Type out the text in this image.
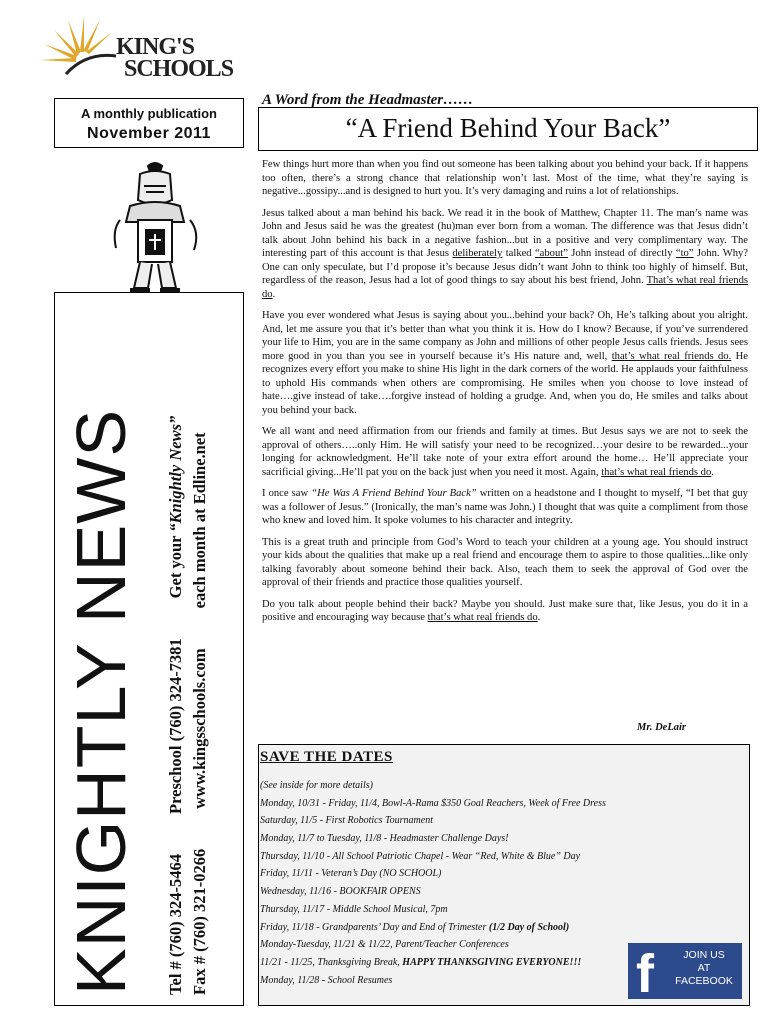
KING'S
SCHOOLS
A monthly publication
November 2011
KNIGHTLY NEWS Tel # (760) 324-5464Preschool (760) 324-7381Get your “Knightly News”
Fax # (760) 321-0266www.kingsschools.comeach month at Edline.net
A Word from the Headmaster……
“A Friend Behind Your Back”

Few things hurt more than when you find out someone has been talking about you behind your back. If it happens too often, there’s a strong chance that relationship won’t last. Most of the time, what they’re saying is negative...gossipy...and is designed to hurt you. It’s very damaging and ruins a lot of relationships.

Jesus talked about a man behind his back. We read it in the book of Matthew, Chapter 11. The man’s name was John and Jesus said he was the greatest (hu)man ever born from a woman. The difference was that Jesus didn’t talk about John behind his back in a negative fashion...but in a positive and very complimentary way. The interesting part of this account is that Jesus deliberately talked “about” John instead of directly “to” John. Why? One can only speculate, but I’d propose it’s because Jesus didn’t want John to think too highly of himself. But, regardless of the reason, Jesus had a lot of good things to say about his best friend, John. That’s what real friends do.

Have you ever wondered what Jesus is saying about you...behind your back? Oh, He’s talking about you alright. And, let me assure you that it’s better than what you think it is. How do I know? Because, if you’ve surrendered your life to Him, you are in the same company as John and millions of other people Jesus calls friends. Jesus sees more good in you than you see in yourself because it’s His nature and, well, that’s what real friends do. He recognizes every effort you make to shine His light in the dark corners of the world. He applauds your faithfulness to uphold His commands when others are compromising. He smiles when you choose to love instead of hate….give instead of take….forgive instead of holding a grudge. And, when you do, He smiles and talks about you behind your back.

We all want and need affirmation from our friends and family at times. But Jesus says we are not to seek the approval of others…..only Him. He will satisfy your need to be recognized…your desire to be rewarded...your longing for acknowledgment. He’ll take note of your extra effort around the home… He’ll appreciate your sacrificial giving...He’ll pat you on the back just when you need it most. Again, that’s what real friends do.

I once saw “He Was A Friend Behind Your Back” written on a headstone and I thought to myself, “I bet that guy was a follower of Jesus.” (Ironically, the man’s name was John.) I thought that was quite a compliment from those who knew and loved him. It spoke volumes to his character and integrity.

This is a great truth and principle from God’s Word to teach your children at a young age. You should instruct your kids about the qualities that make up a real friend and encourage them to aspire to those qualities...like only talking favorably about someone behind their back. Also, teach them to seek the approval of God over the approval of their friends and practice those qualities yourself.

Do you talk about people behind their back? Maybe you should. Just make sure that, like Jesus, you do it in a positive and encouraging way because that’s what real friends do.

Mr. DeLair
SAVE THE DATES
(See inside for more details)
Monday, 10/31 - Friday, 11/4, Bowl-A-Rama $350 Goal Reachers, Week of Free Dress
Saturday, 11/5 - First Robotics Tournament
Monday, 11/7 to Tuesday, 11/8 - Headmaster Challenge Days!
Thursday, 11/10 - All School Patriotic Chapel - Wear “Red, White & Blue” Day
Friday, 11/11 - Veteran’s Day (NO SCHOOL)
Wednesday, 11/16 - BOOKFAIR OPENS
Thursday, 11/17 - Middle School Musical, 7pm
Friday, 11/18 - Grandparents’ Day and End of Trimester (1/2 Day of School)
Monday-Tuesday, 11/21 & 11/22, Parent/Teacher Conferences
11/21 - 11/25, Thanksgiving Break, HAPPY THANKSGIVING EVERYONE!!!
Monday, 11/28 - School Resumes	f	JOIN US
AT
FACEBOOK
